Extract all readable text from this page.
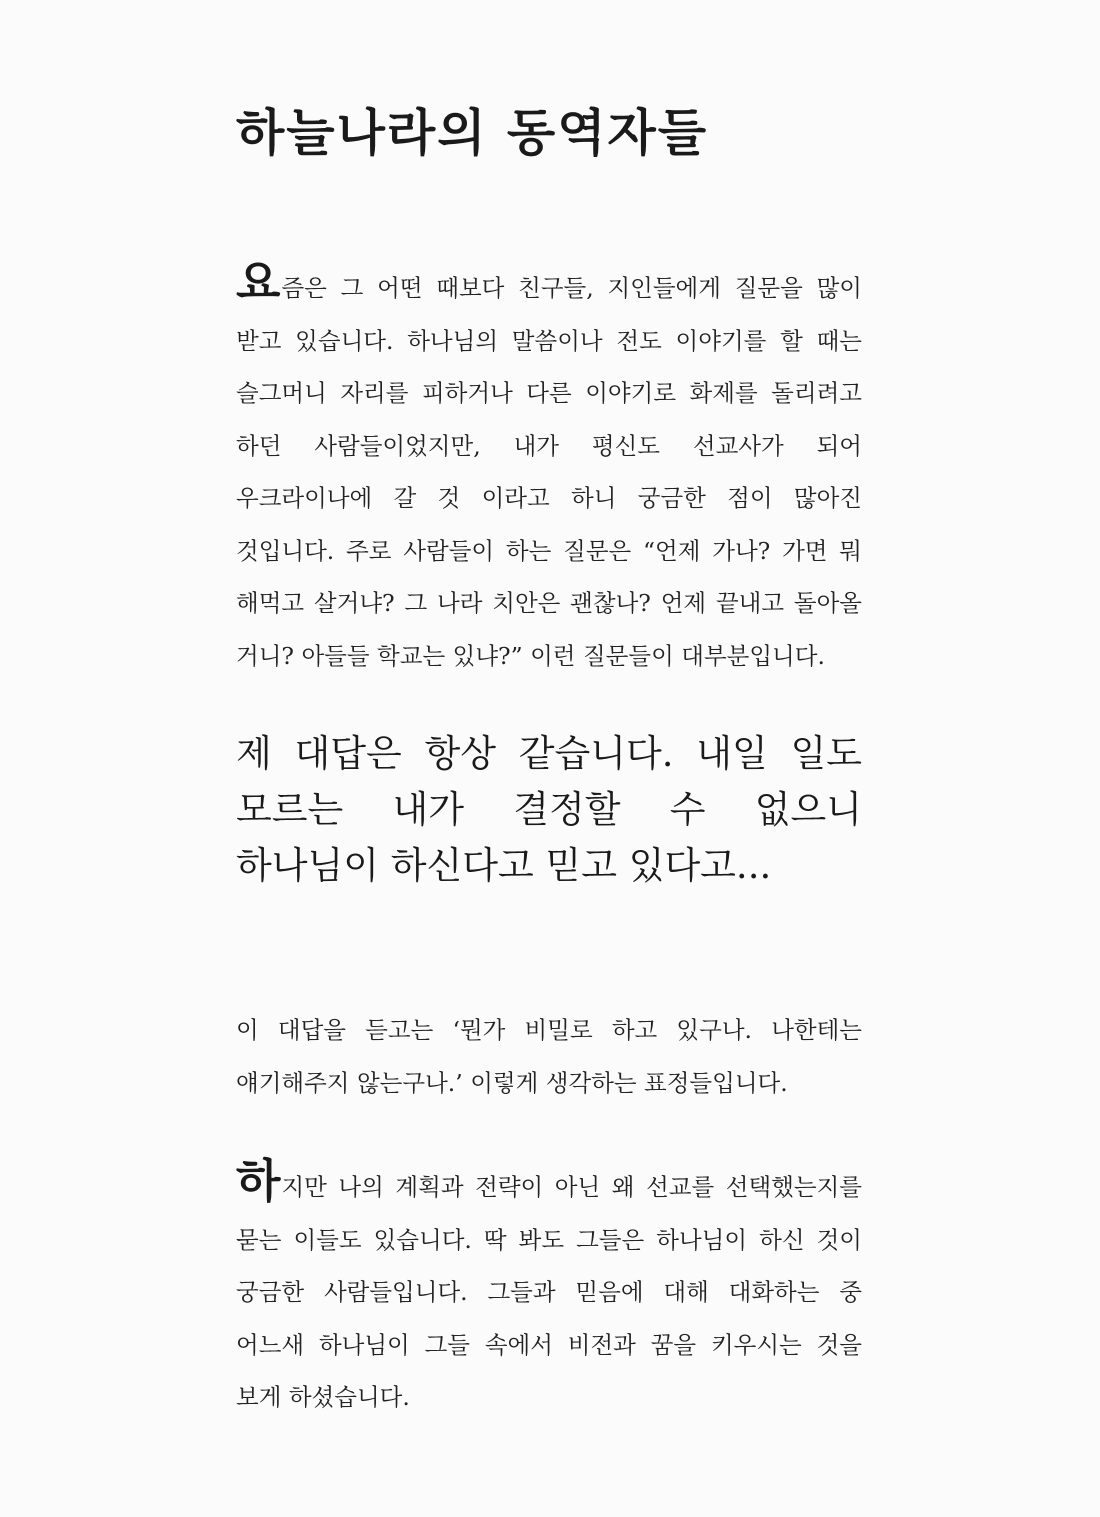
하늘나라의 동역자들

요즘은 그 어떤 때보다 친구들, 지인들에게 질문을 많이 받고 있습니다. 하나님의 말씀이나 전도 이야기를 할 때는 슬그머니 자리를 피하거나 다른 이야기로 화제를 돌리려고 하던 사람들이었지만, 내가 평신도 선교사가 되어 우크라이나에 갈 것 이라고 하니 궁금한 점이 많아진 것입니다. 주로 사람들이 하는 질문은 “언제 가나? 가면 뭐 해먹고 살거냐? 그 나라 치안은 괜찮나? 언제 끝내고 돌아올 거니? 아들들 학교는 있냐?” 이런 질문들이 대부분입니다.

제 대답은 항상 같습니다. 내일 일도 모르는 내가 결정할 수 없으니 하나님이 하신다고 믿고 있다고...

이 대답을 듣고는 ‘뭔가 비밀로 하고 있구나. 나한테는 얘기해주지 않는구나.’ 이렇게 생각하는 표정들입니다.

하지만 나의 계획과 전략이 아닌 왜 선교를 선택했는지를 묻는 이들도 있습니다. 딱 봐도 그들은 하나님이 하신 것이 궁금한 사람들입니다. 그들과 믿음에 대해 대화하는 중 어느새 하나님이 그들 속에서 비전과 꿈을 키우시는 것을 보게 하셨습니다.
